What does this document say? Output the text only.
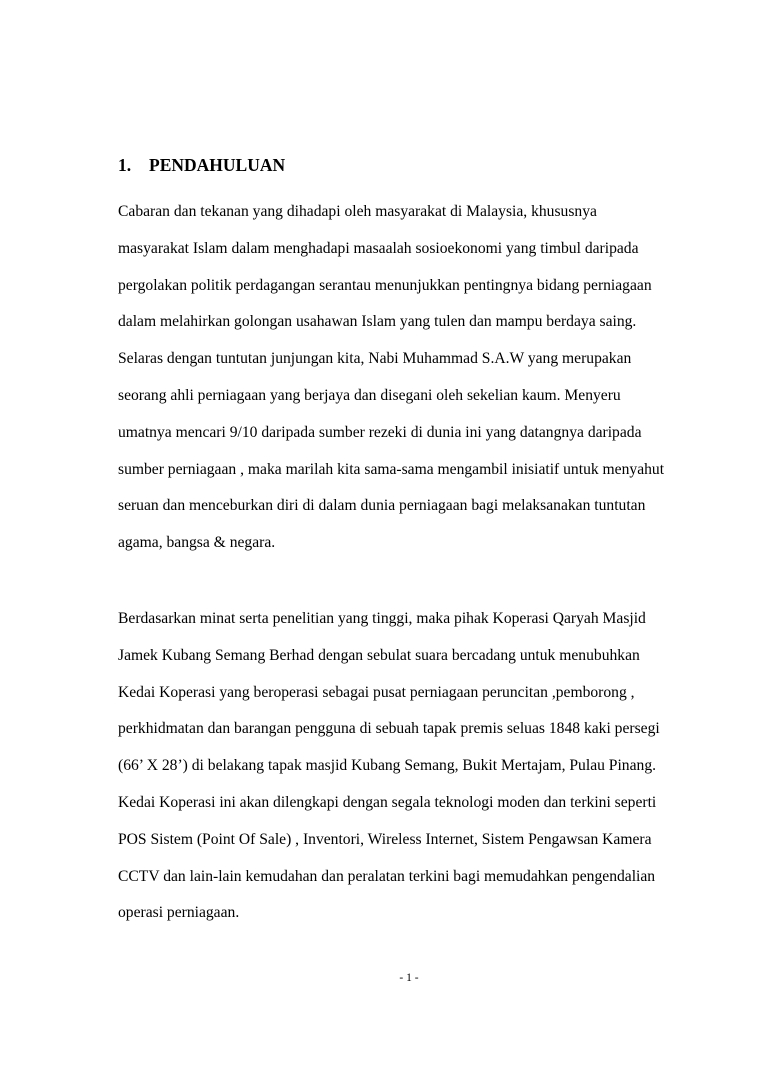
1. PENDAHULUAN
Cabaran dan tekanan yang dihadapi oleh masyarakat di Malaysia, khususnya
masyarakat Islam dalam menghadapi masaalah sosioekonomi yang timbul daripada
pergolakan politik perdagangan serantau menunjukkan pentingnya bidang perniagaan
dalam melahirkan golongan usahawan Islam yang tulen dan mampu berdaya saing.
Selaras dengan tuntutan junjungan kita, Nabi Muhammad S.A.W yang merupakan
seorang ahli perniagaan yang berjaya dan disegani oleh sekelian kaum. Menyeru
umatnya mencari 9/10 daripada sumber rezeki di dunia ini yang datangnya daripada
sumber perniagaan , maka marilah kita sama-sama mengambil inisiatif untuk menyahut
seruan dan menceburkan diri di dalam dunia perniagaan bagi melaksanakan tuntutan
agama, bangsa & negara.
Berdasarkan minat serta penelitian yang tinggi, maka pihak Koperasi Qaryah Masjid
Jamek Kubang Semang Berhad dengan sebulat suara bercadang untuk menubuhkan
Kedai Koperasi yang beroperasi sebagai pusat perniagaan peruncitan ,pemborong ,
perkhidmatan dan barangan pengguna di sebuah tapak premis seluas 1848 kaki persegi
(66’ X 28’) di belakang tapak masjid Kubang Semang, Bukit Mertajam, Pulau Pinang.
Kedai Koperasi ini akan dilengkapi dengan segala teknologi moden dan terkini seperti
POS Sistem (Point Of Sale) , Inventori, Wireless Internet, Sistem Pengawsan Kamera
CCTV dan lain-lain kemudahan dan peralatan terkini bagi memudahkan pengendalian
operasi perniagaan.
- 1 -
